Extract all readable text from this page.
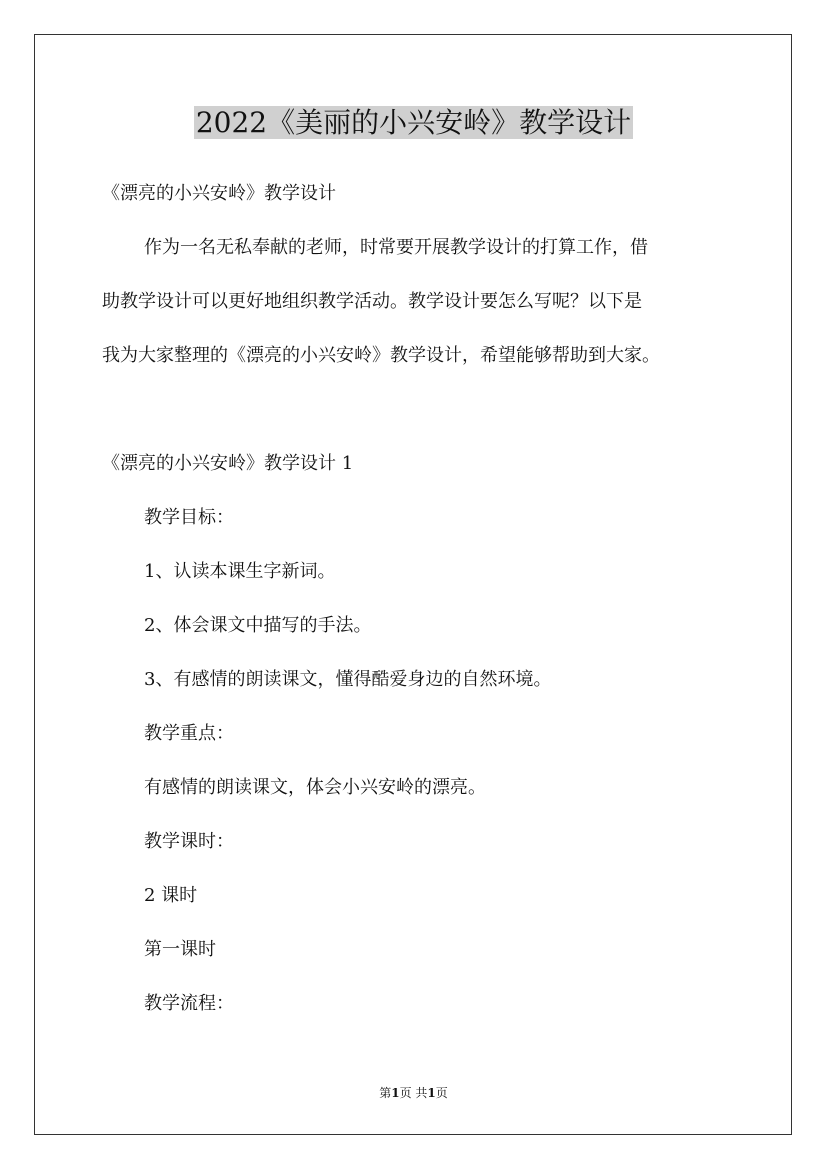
2022《美丽的小兴安岭》教学设计
《漂亮的小兴安岭》教学设计
作为一名无私奉献的老师，时常要开展教学设计的打算工作，借
助教学设计可以更好地组织教学活动。教学设计要怎么写呢？以下是
我为大家整理的《漂亮的小兴安岭》教学设计，希望能够帮助到大家。
《漂亮的小兴安岭》教学设计 1
教学目标：
1、认读本课生字新词。
2、体会课文中描写的手法。
3、有感情的朗读课文，懂得酷爱身边的自然环境。
教学重点：
有感情的朗读课文，体会小兴安岭的漂亮。
教学课时：
2 课时
第一课时
教学流程：
第1页 共1页
